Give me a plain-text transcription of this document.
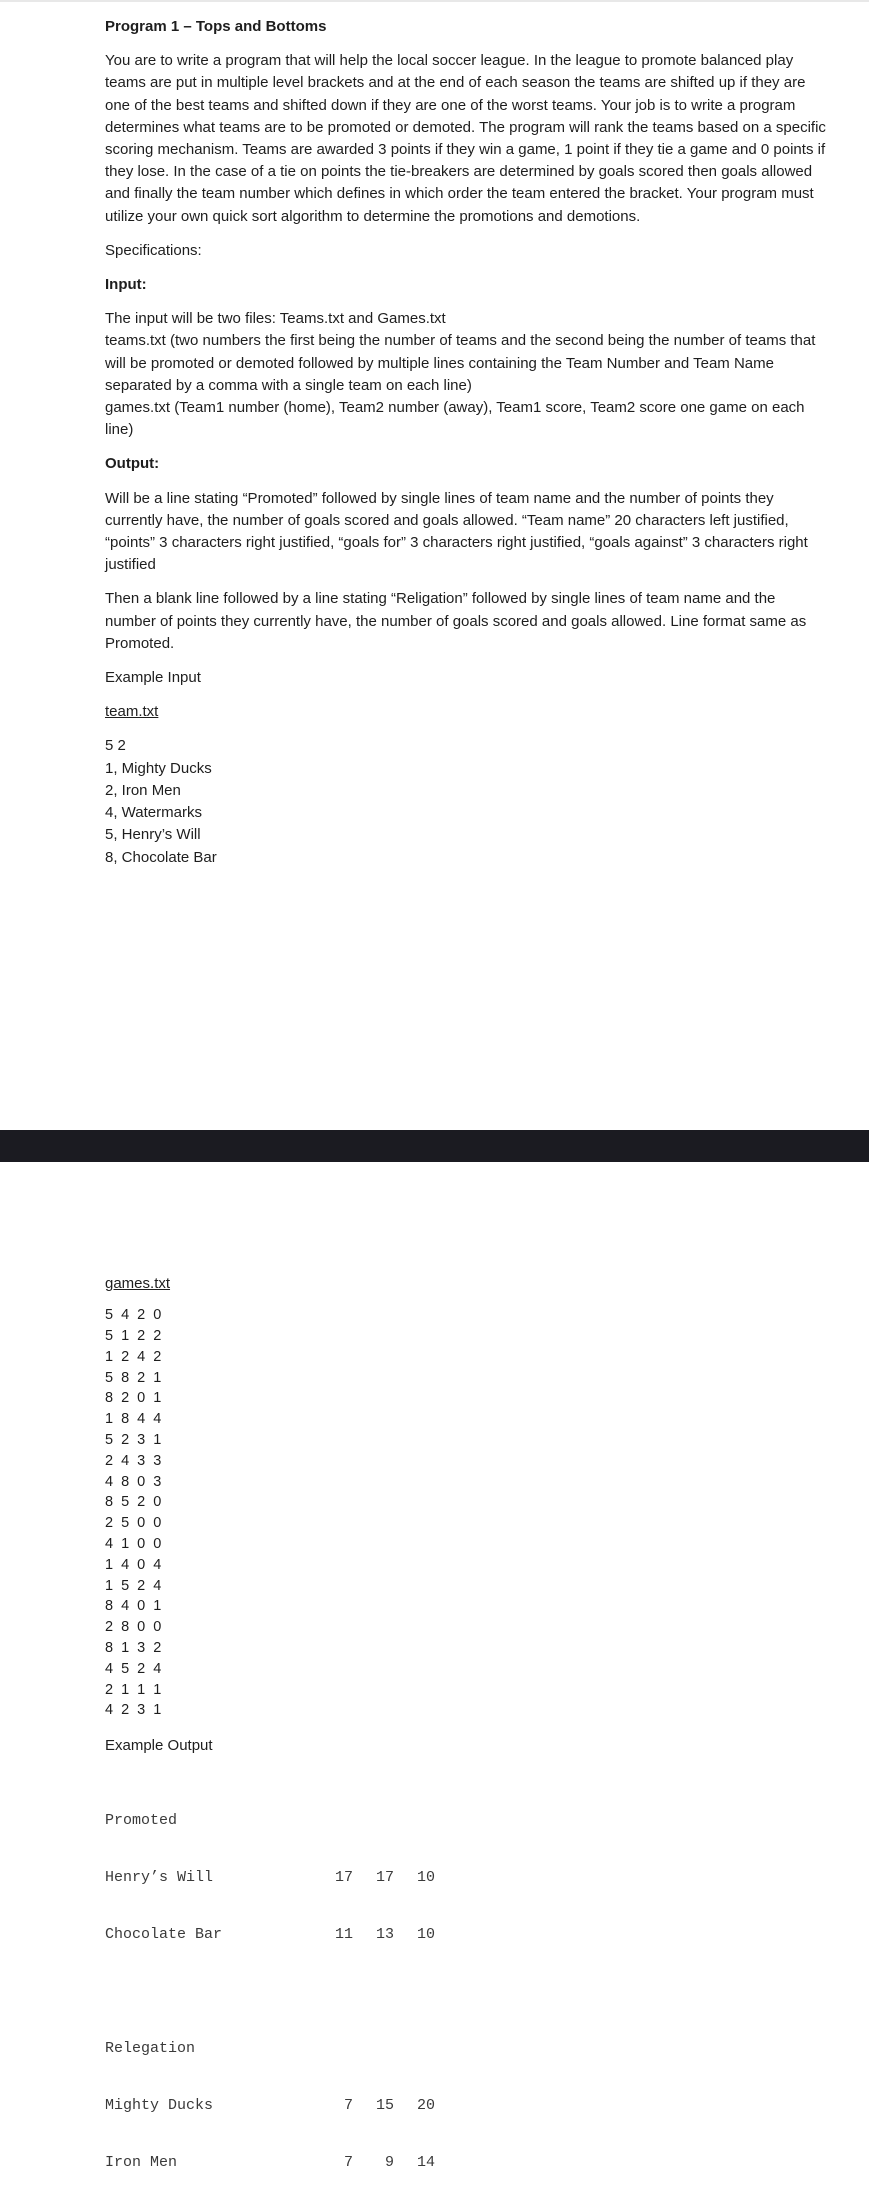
Program 1 – Tops and Bottoms

You are to write a program that will help the local soccer league. In the league to promote balanced play teams are put in multiple level brackets and at the end of each season the teams are shifted up if they are one of the best teams and shifted down if they are one of the worst teams. Your job is to write a program determines what teams are to be promoted or demoted. The program will rank the teams based on a specific scoring mechanism. Teams are awarded 3 points if they win a game, 1 point if they tie a game and 0 points if they lose. In the case of a tie on points the tie-breakers are determined by goals scored then goals allowed and finally the team number which defines in which order the team entered the bracket. Your program must utilize your own quick sort algorithm to determine the promotions and demotions.

Specifications:

Input:

The input will be two files: Teams.txt and Games.txt
teams.txt (two numbers the first being the number of teams and the second being the number of teams that will be promoted or demoted followed by multiple lines containing the Team Number and Team Name separated by a comma with a single team on each line)
games.txt (Team1 number (home), Team2 number (away), Team1 score, Team2 score one game on each line)

Output:

Will be a line stating “Promoted” followed by single lines of team name and the number of points they currently have, the number of goals scored and goals allowed. “Team name” 20 characters left justified, “points” 3 characters right justified, “goals for” 3 characters right justified, “goals against” 3 characters right justified

Then a blank line followed by a line stating “Religation” followed by single lines of team name and the number of points they currently have, the number of goals scored and goals allowed. Line format same as Promoted.

Example Input

team.txt

5 2
1, Mighty Ducks
2, Iron Men
4, Watermarks
5, Henry’s Will
8, Chocolate Bar

games.txt

5 4 2 0
5 1 2 2
1 2 4 2
5 8 2 1
8 2 0 1
1 8 4 4
5 2 3 1
2 4 3 3
4 8 0 3
8 5 2 0
2 5 0 0
4 1 0 0
1 4 0 4
1 5 2 4
8 4 0 1
2 8 0 0
8 1 3 2
4 5 2 4
2 1 1 1
4 2 3 1

Example Output

Promoted

Henry’s Will	17	17	10

Chocolate Bar	11	13	10

Relegation

Mighty Ducks	7	15	20

Iron Men	7	9	14
